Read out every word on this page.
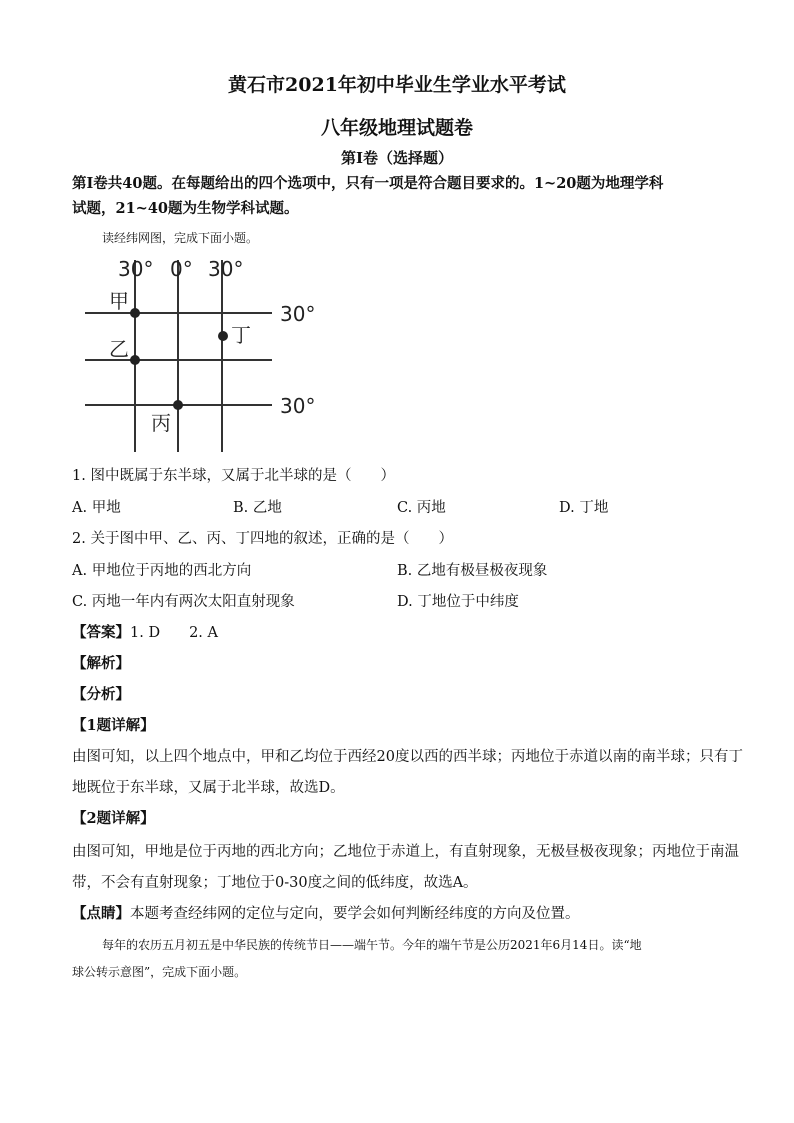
黄石市2021年初中毕业生学业水平考试
八年级地理试题卷
第I卷（选择题）
第I卷共40题。在每题给出的四个选项中，只有一项是符合题目要求的。1~20题为地理学科
试题，21~40题为生物学科试题。
读经纬网图，完成下面小题。
30° 0° 30°
30°
30°
甲
乙
丙
丁
1. 图中既属于东半球，又属于北半球的是（　　）
A. 甲地	B. 乙地	C. 丙地	D. 丁地
2. 关于图中甲、乙、丙、丁四地的叙述，正确的是（　　）
A. 甲地位于丙地的西北方向	B. 乙地有极昼极夜现象
C. 丙地一年内有两次太阳直射现象	D. 丁地位于中纬度
【答案】1. D　　2. A
【解析】
【分析】
【1题详解】
由图可知，以上四个地点中，甲和乙均位于西经20度以西的西半球；丙地位于赤道以南的南半球；只有丁
地既位于东半球，又属于北半球，故选D。
【2题详解】
由图可知，甲地是位于丙地的西北方向；乙地位于赤道上，有直射现象，无极昼极夜现象；丙地位于南温
带，不会有直射现象；丁地位于0-30度之间的低纬度，故选A。
【点睛】本题考查经纬网的定位与定向，要学会如何判断经纬度的方向及位置。
每年的农历五月初五是中华民族的传统节日——端午节。今年的端午节是公历2021年6月14日。读“地
球公转示意图”，完成下面小题。
